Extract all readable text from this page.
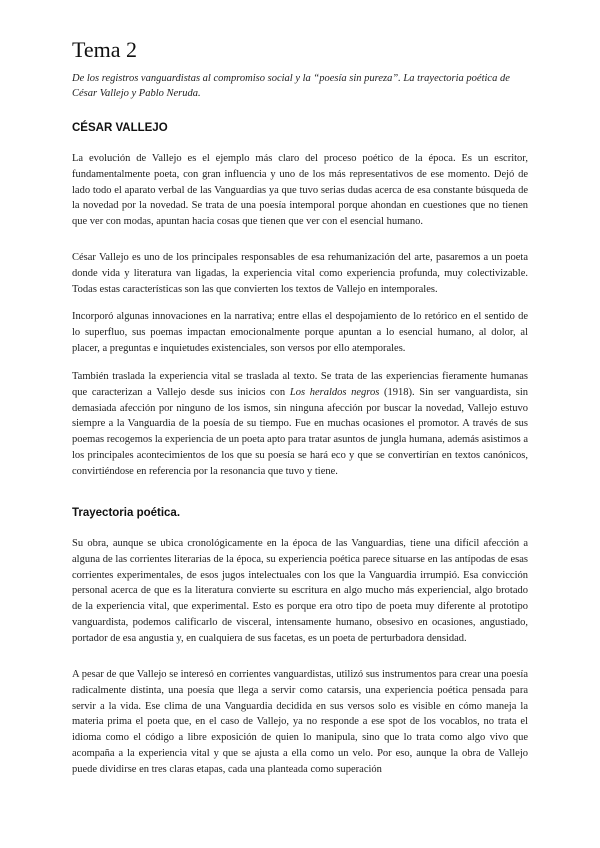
Tema 2

De los registros vanguardistas al compromiso social y la “poesía sin pureza”. La trayectoria poética de César Vallejo y Pablo Neruda.

CÉSAR VALLEJO

La evolución de Vallejo es el ejemplo más claro del proceso poético de la época. Es un escritor, fundamentalmente poeta, con gran influencia y uno de los más representativos de ese momento. Dejó de lado todo el aparato verbal de las Vanguardias ya que tuvo serias dudas acerca de esa constante búsqueda de la novedad por la novedad. Se trata de una poesía intemporal porque ahondan en cuestiones que no tienen que ver con modas, apuntan hacia cosas que tienen que ver con el esencial humano.

César Vallejo es uno de los principales responsables de esa rehumanización del arte, pasaremos a un poeta donde vida y literatura van ligadas, la experiencia vital como experiencia profunda, muy colectivizable. Todas estas características son las que convierten los textos de Vallejo en intemporales.

Incorporó algunas innovaciones en la narrativa; entre ellas el despojamiento de lo retórico en el sentido de lo superfluo, sus poemas impactan emocionalmente porque apuntan a lo esencial humano, al dolor, al placer, a preguntas e inquietudes existenciales, son versos por ello atemporales.

También traslada la experiencia vital se traslada al texto. Se trata de las experiencias fieramente humanas que caracterizan a Vallejo desde sus inicios con Los heraldos negros (1918). Sin ser vanguardista, sin demasiada afección por ninguno de los ismos, sin ninguna afección por buscar la novedad, Vallejo estuvo siempre a la Vanguardia de la poesía de su tiempo. Fue en muchas ocasiones el promotor. A través de sus poemas recogemos la experiencia de un poeta apto para tratar asuntos de jungla humana, además asistimos a los principales acontecimientos de los que su poesía se hará eco y que se convertirían en textos canónicos, convirtiéndose en referencia por la resonancia que tuvo y tiene.

Trayectoria poética.

Su obra, aunque se ubica cronológicamente en la época de las Vanguardias, tiene una difícil afección a alguna de las corrientes literarias de la época, su experiencia poética parece situarse en las antípodas de esas corrientes experimentales, de esos jugos intelectuales con los que la Vanguardia irrumpió. Esa convicción personal acerca de que es la literatura convierte su escritura en algo mucho más experiencial, algo brotado de la experiencia vital, que experimental. Esto es porque era otro tipo de poeta muy diferente al prototipo vanguardista, podemos calificarlo de visceral, intensamente humano, obsesivo en ocasiones, angustiado, portador de esa angustia y, en cualquiera de sus facetas, es un poeta de perturbadora densidad.

A pesar de que Vallejo se interesó en corrientes vanguardistas, utilizó sus instrumentos para crear una poesía radicalmente distinta, una poesía que llega a servir como catarsis, una experiencia poética pensada para servir a la vida. Ese clima de una Vanguardia decidida en sus versos solo es visible en cómo maneja la materia prima el poeta que, en el caso de Vallejo, ya no responde a ese spot de los vocablos, no trata el idioma como el código a libre exposición de quien lo manipula, sino que lo trata como algo vivo que acompaña a la experiencia vital y que se ajusta a ella como un velo. Por eso, aunque la obra de Vallejo puede dividirse en tres claras etapas, cada una planteada como superación
